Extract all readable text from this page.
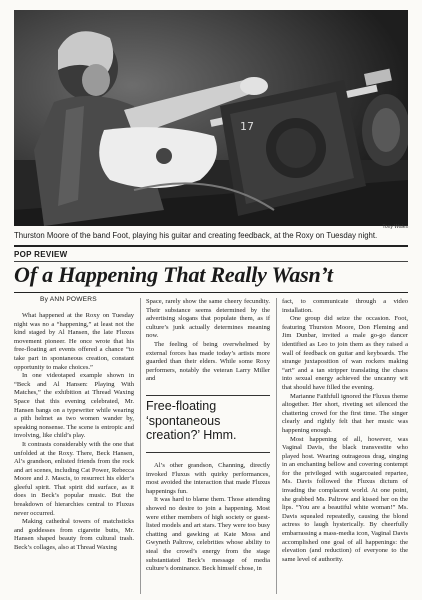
17
Tony Wales
Thurston Moore of the band Foot, playing his guitar and creating feedback, at the Roxy on Tuesday night.
POP REVIEW
Of a Happening That Really Wasn’t
By ANN POWERS

What happened at the Roxy on Tuesday night was no a “happening,” at least not the kind staged by Al Hansen, the late Fluxus movement pioneer. He once wrote that his free-floating art events offered a chance “to take part in spontaneous creation, constant opportunity to make choices.”

In one videotaped example shown in “Beck and Al Hansen: Playing With Matches,” the exhibition at Thread Waxing Space that this evening celebrated, Mr. Hansen bangs on a typewriter while wearing a pith helmet as two women wander by, speaking nonsense. The scene is entropic and involving, like child’s play.

It contrasts considerably with the one that unfolded at the Roxy. There, Beck Hansen, Al’s grandson, enlisted friends from the rock and art scenes, including Cat Power, Rebecca Moore and J. Mascis, to resurrect his elder’s gleeful spirit. That spirit did surface, as it does in Beck’s popular music. But the breakdown of hierarchies central to Fluxus never occurred.

Making cathedral towers of matchsticks and goddesses from cigarette butts, Mr. Hansen shaped beauty from cultural trash. Beck’s collages, also at Thread Waxing

Space, rarely show the same cheery fecundity. Their substance seems determined by the advertising slogans that populate them, as if culture’s junk actually determines meaning now.

The feeling of being overwhelmed by external forces has made today’s artists more guarded than their elders. While some Roxy performers, notably the veteran Larry Miller and

Free-floating ‘spontaneous creation?’ Hmm.

Al’s other grandson, Channing, directly invoked Fluxus with quirky performances, most avoided the interaction that made Fluxus happenings fun.

It was hard to blame them. Those attending showed no desire to join a happening. Most were either members of high society or guest-listed models and art stars. They were too busy chatting and gawking at Kate Moss and Gwyneth Paltrow, celebrities whose ability to steal the crowd’s energy from the stage substantiated Beck’s message of media culture’s dominance. Beck himself chose, in

fact, to communicate through a video installation.

One group did seize the occasion. Foot, featuring Thurston Moore, Don Fleming and Jim Dunbar, invited a male go-go dancer identified as Leo to join them as they raised a wall of feedback on guitar and keyboards. The strange juxtaposition of wan rockers making “art” and a tan stripper translating the chaos into sexual energy achieved the uncanny wit that should have filled the evening.

Marianne Faithfull ignored the Fluxus theme altogether. Her short, riveting set silenced the chattering crowd for the first time. The singer clearly and rightly felt that her music was happening enough.

Most happening of all, however, was Vaginal Davis, the black transvestite who played host. Wearing outrageous drag, singing in an enchanting bellow and covering contempt for the privileged with sugarcoated repartee, Ms. Davis followed the Fluxus dictum of invading the complacent world. At one point, she grabbed Ms. Paltrow and kissed her on the lips. “You are a beautiful white woman!” Ms. Davis squealed repeatedly, causing the blond actress to laugh hysterically. By cheerfully embarrassing a mass-media icon, Vaginal Davis accomplished one goal of all happenings: the elevation (and reduction) of everyone to the same level of authority.
